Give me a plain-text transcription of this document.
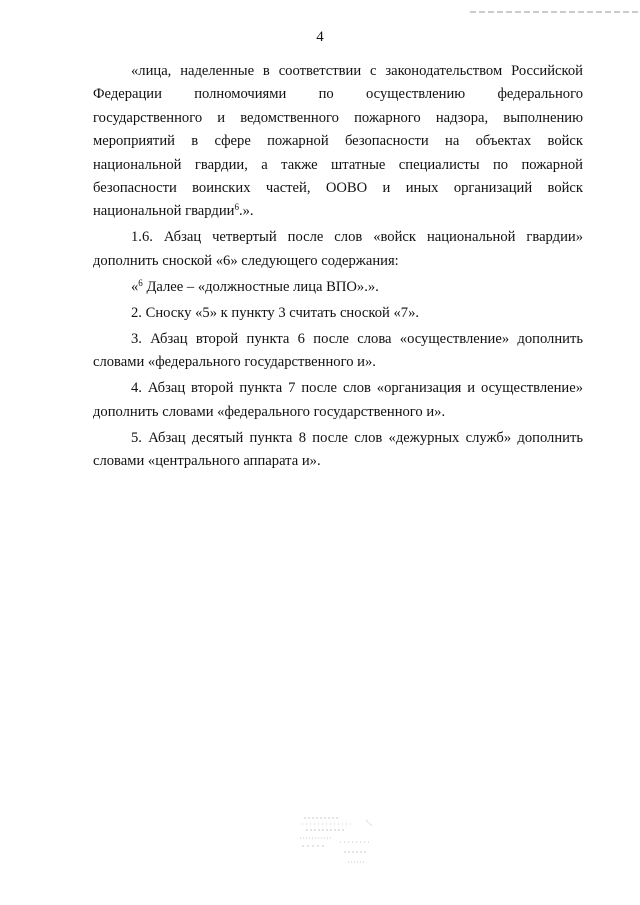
4
«лица, наделенные в соответствии с законодательством Российской
Федерации полномочиями по осуществлению федерального
государственного и ведомственного пожарного надзора, выполнению
мероприятий в сфере пожарной безопасности на объектах войск
национальной гвардии, а также штатные специалисты по пожарной
безопасности воинских частей, ООВО и иных организаций войск
национальной гвардии$^6$.».
1.6. Абзац четвертый после слов «войск национальной гвардии»
дополнить сноской «6» следующего содержания:
«$^6$ Далее – «должностные лица ВПО».».
2. Сноску «5» к пункту 3 считать сноской «7».
3. Абзац второй пункта 6 после слова «осуществление» дополнить
словами «федерального государственного и».
4. Абзац второй пункта 7 после слов «организация и осуществление»
дополнить словами «федерального государственного и».
5. Абзац десятый пункта 8 после слов «дежурных служб» дополнить
словами «центрального аппарата и».
